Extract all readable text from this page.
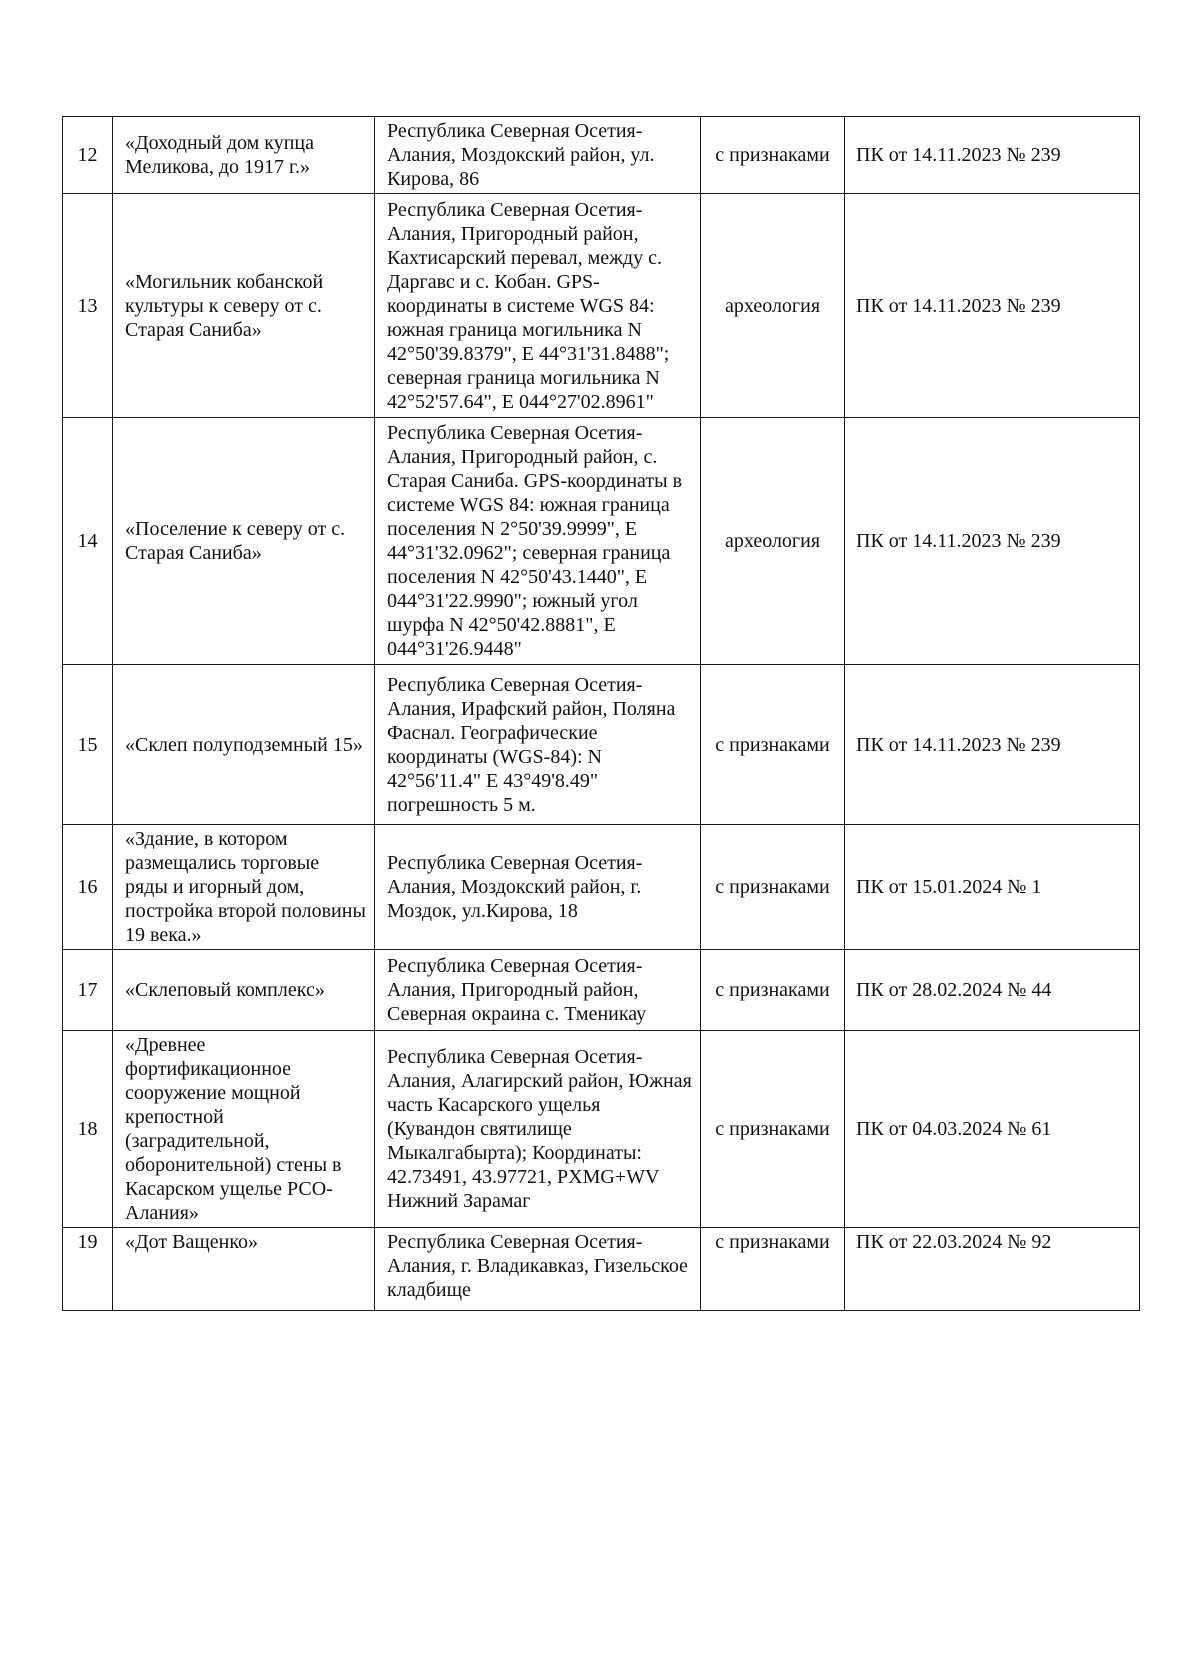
12	«Доходный дом купца Меликова, до 1917 г.»	Республика Северная Осетия-Алания, Моздокский район, ул. Кирова, 86	с признаками	ПК от 14.11.2023 № 239
13	«Могильник кобанской культуры к северу от с. Старая Саниба»	Республика Северная Осетия-Алания, Пригородный район, Кахтисарский перевал, между с. Даргавс и с. Кобан. GPS-координаты в системе WGS 84: южная граница могильника N 42°50'39.8379", E 44°31'31.8488"; северная граница могильника N 42°52'57.64", E 044°27'02.8961"	археология	ПК от 14.11.2023 № 239
14	«Поселение к северу от с. Старая Саниба»	Республика Северная Осетия-Алания, Пригородный район, с. Старая Саниба. GPS-координаты в системе WGS 84: южная граница поселения N 2°50'39.9999", E 44°31'32.0962"; северная граница поселения N 42°50'43.1440", E 044°31'22.9990"; южный угол шурфа N 42°50'42.8881", E 044°31'26.9448"	археология	ПК от 14.11.2023 № 239
15	«Склеп полуподземный 15»	Республика Северная Осетия-Алания, Ирафский район, Поляна Фаснал. Географические координаты (WGS-84): N 42°56'11.4" E 43°49'8.49" погрешность 5 м.	с признаками	ПК от 14.11.2023 № 239
16	«Здание, в котором размещались торговые ряды и игорный дом, постройка второй половины 19 века.»	Республика Северная Осетия-Алания, Моздокский район, г. Моздок, ул.Кирова, 18	с признаками	ПК от 15.01.2024 № 1
17	«Склеповый комплекс»	Республика Северная Осетия-Алания, Пригородный район, Северная окраина с. Тменикау	с признаками	ПК от 28.02.2024 № 44
18	«Древнее фортификационное сооружение мощной крепостной (заградительной, оборонительной) стены в Касарском ущелье РСО-Алания»	Республика Северная Осетия-Алания, Алагирский район, Южная часть Касарского ущелья (Кувандон святилище Мыкалгабырта); Координаты: 42.73491, 43.97721, PXMG+WV Нижний Зарамаг	с признаками	ПК от 04.03.2024 № 61
19	«Дот Ващенко»	Республика Северная Осетия-Алания, г. Владикавказ, Гизельское кладбище	с признаками	ПК от 22.03.2024 № 92
